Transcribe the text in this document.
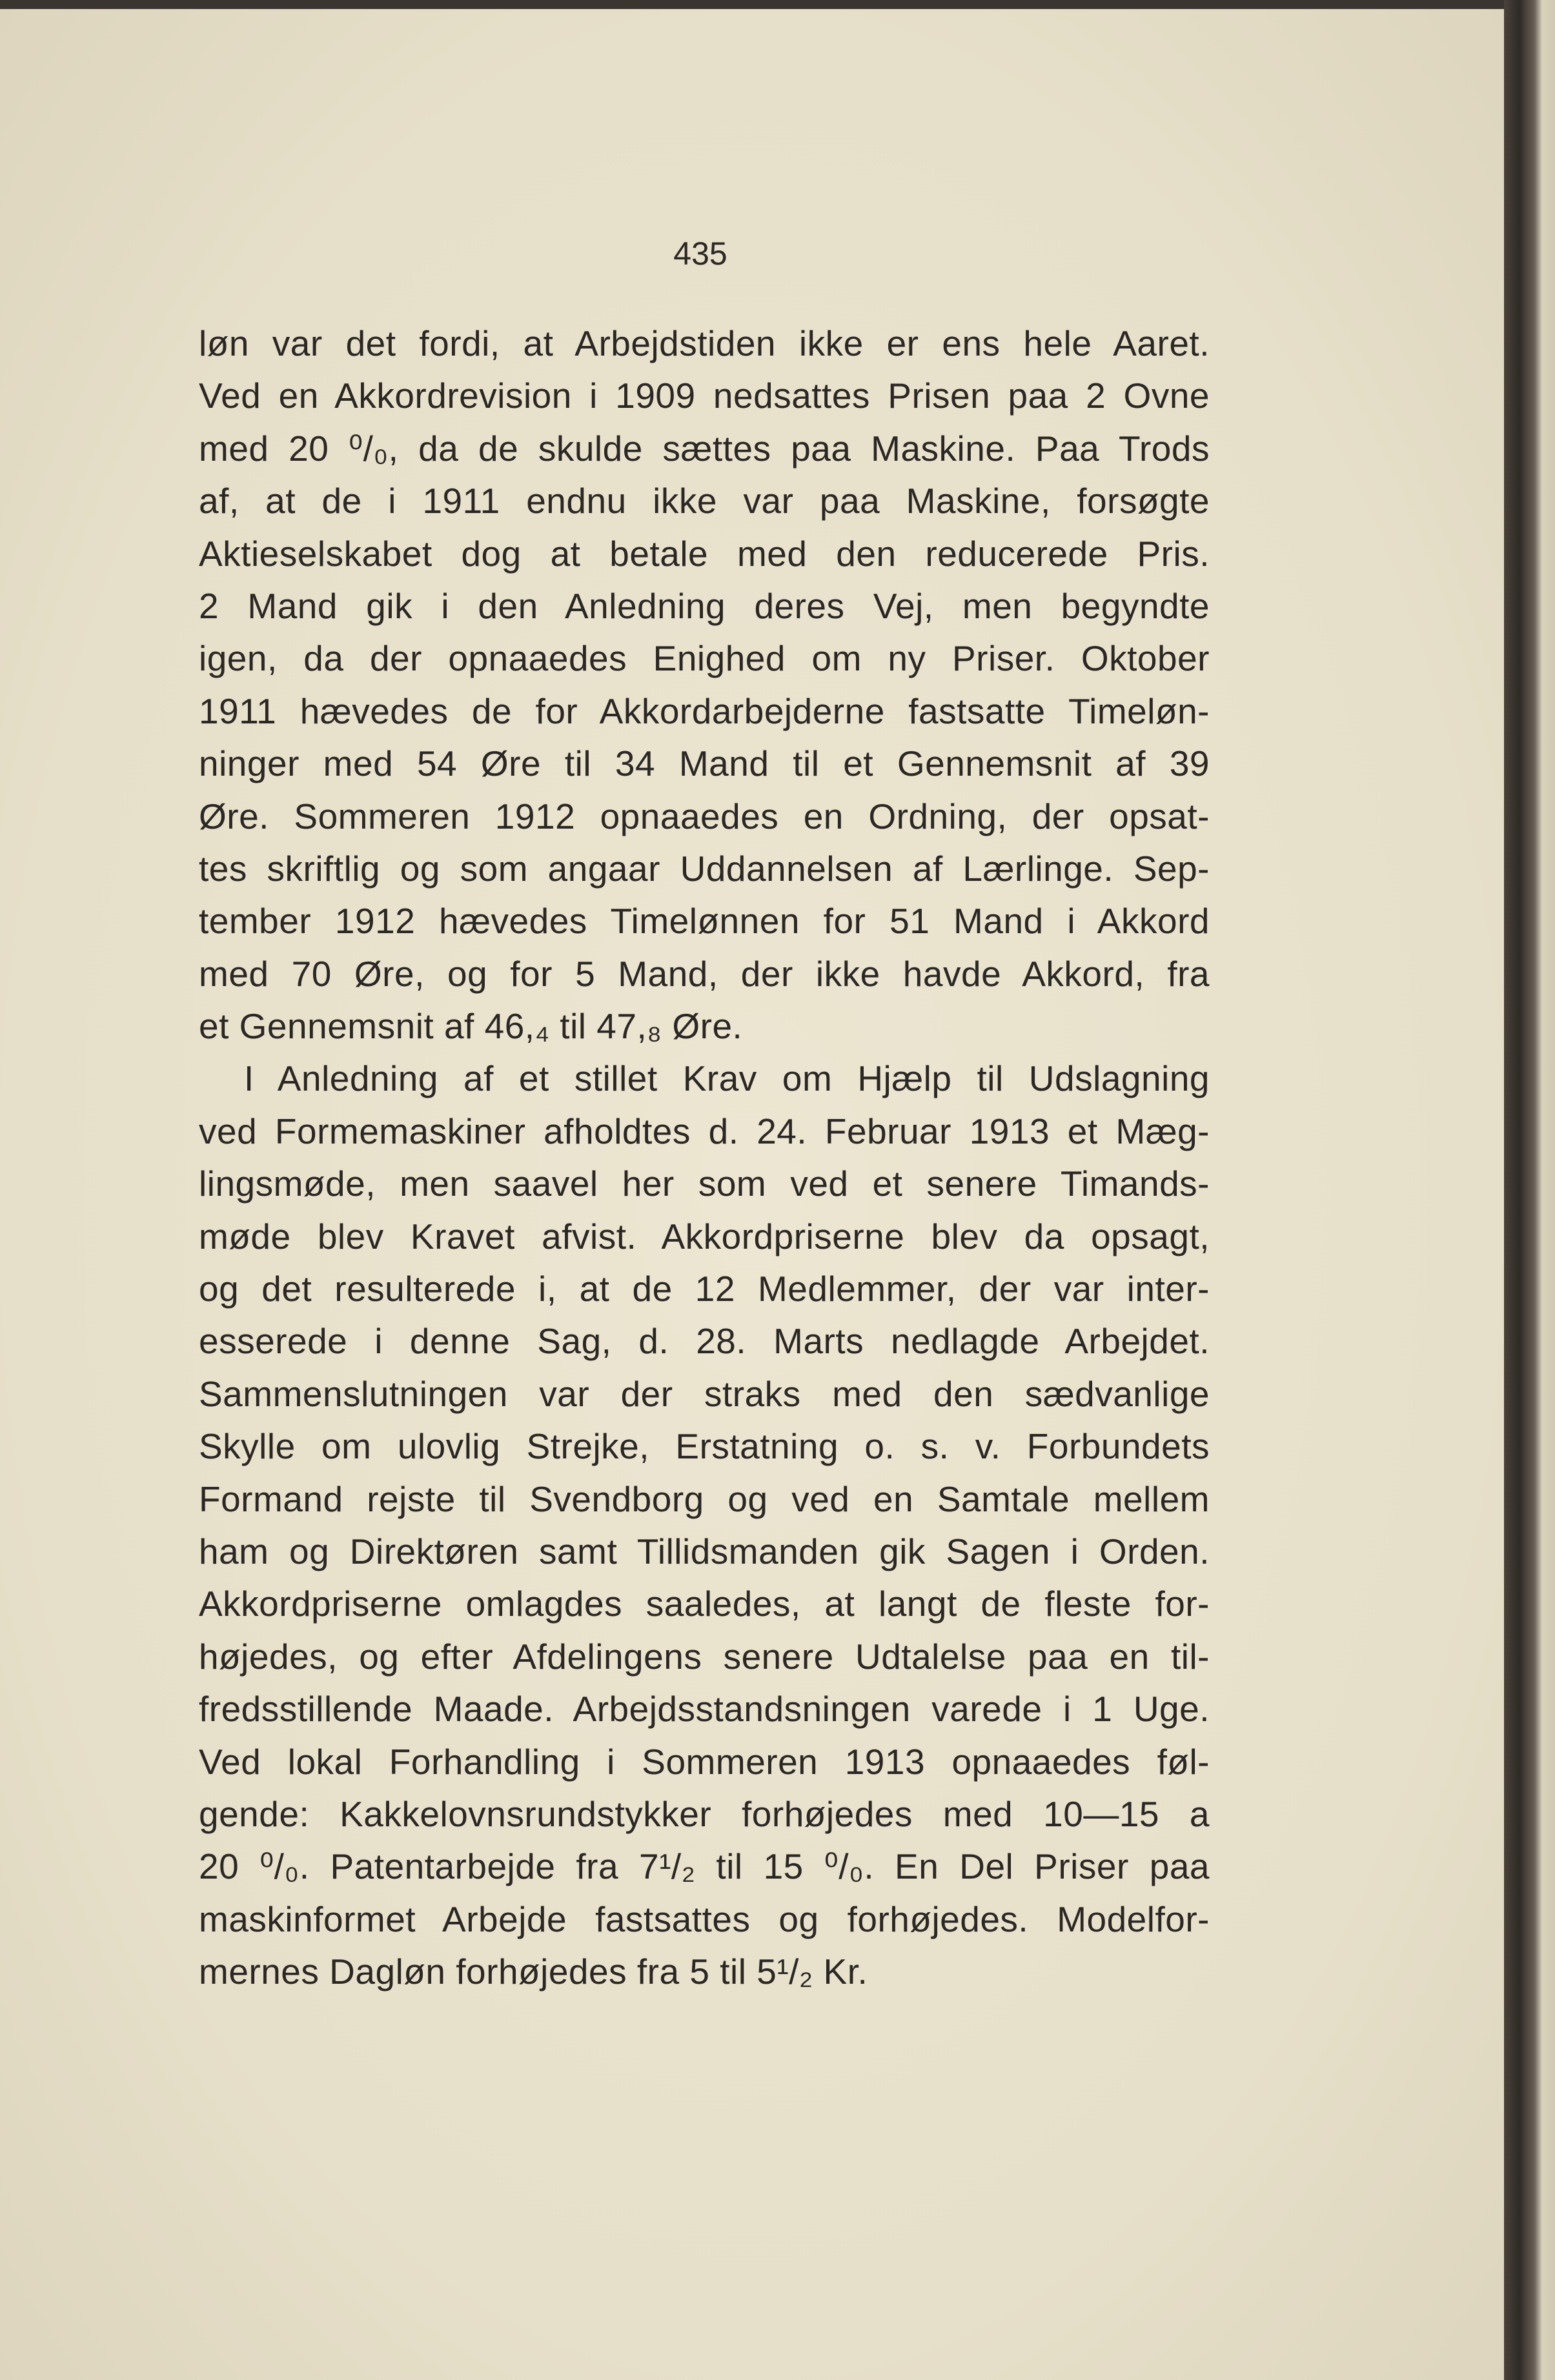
435
løn var det fordi, at Arbejdstiden ikke er ens hele Aaret.
Ved en Akkordrevision i 1909 nedsattes Prisen paa 2 Ovne
med 20 ⁰/₀, da de skulde sættes paa Maskine. Paa Trods
af, at de i 1911 endnu ikke var paa Maskine, forsøgte
Aktieselskabet dog at betale med den reducerede Pris.
2 Mand gik i den Anledning deres Vej, men begyndte
igen, da der opnaaedes Enighed om ny Priser. Oktober
1911 hævedes de for Akkordarbejderne fastsatte Timeløn-
ninger med 54 Øre til 34 Mand til et Gennemsnit af 39
Øre. Sommeren 1912 opnaaedes en Ordning, der opsat-
tes skriftlig og som angaar Uddannelsen af Lærlinge. Sep-
tember 1912 hævedes Timelønnen for 51 Mand i Akkord
med 70 Øre, og for 5 Mand, der ikke havde Akkord, fra
et Gennemsnit af 46,₄ til 47,₈ Øre.
I Anledning af et stillet Krav om Hjælp til Udslagning
ved Formemaskiner afholdtes d. 24. Februar 1913 et Mæg-
lingsmøde, men saavel her som ved et senere Timands-
møde blev Kravet afvist. Akkordpriserne blev da opsagt,
og det resulterede i, at de 12 Medlemmer, der var inter-
esserede i denne Sag, d. 28. Marts nedlagde Arbejdet.
Sammenslutningen var der straks med den sædvanlige
Skylle om ulovlig Strejke, Erstatning o. s. v. Forbundets
Formand rejste til Svendborg og ved en Samtale mellem
ham og Direktøren samt Tillidsmanden gik Sagen i Orden.
Akkordpriserne omlagdes saaledes, at langt de fleste for-
højedes, og efter Afdelingens senere Udtalelse paa en til-
fredsstillende Maade. Arbejdsstandsningen varede i 1 Uge.
Ved lokal Forhandling i Sommeren 1913 opnaaedes føl-
gende: Kakkelovnsrundstykker forhøjedes med 10—15 a
20 ⁰/₀. Patentarbejde fra 7¹/₂ til 15 ⁰/₀. En Del Priser paa
maskinformet Arbejde fastsattes og forhøjedes. Modelfor-
mernes Dagløn forhøjedes fra 5 til 5¹/₂ Kr.
